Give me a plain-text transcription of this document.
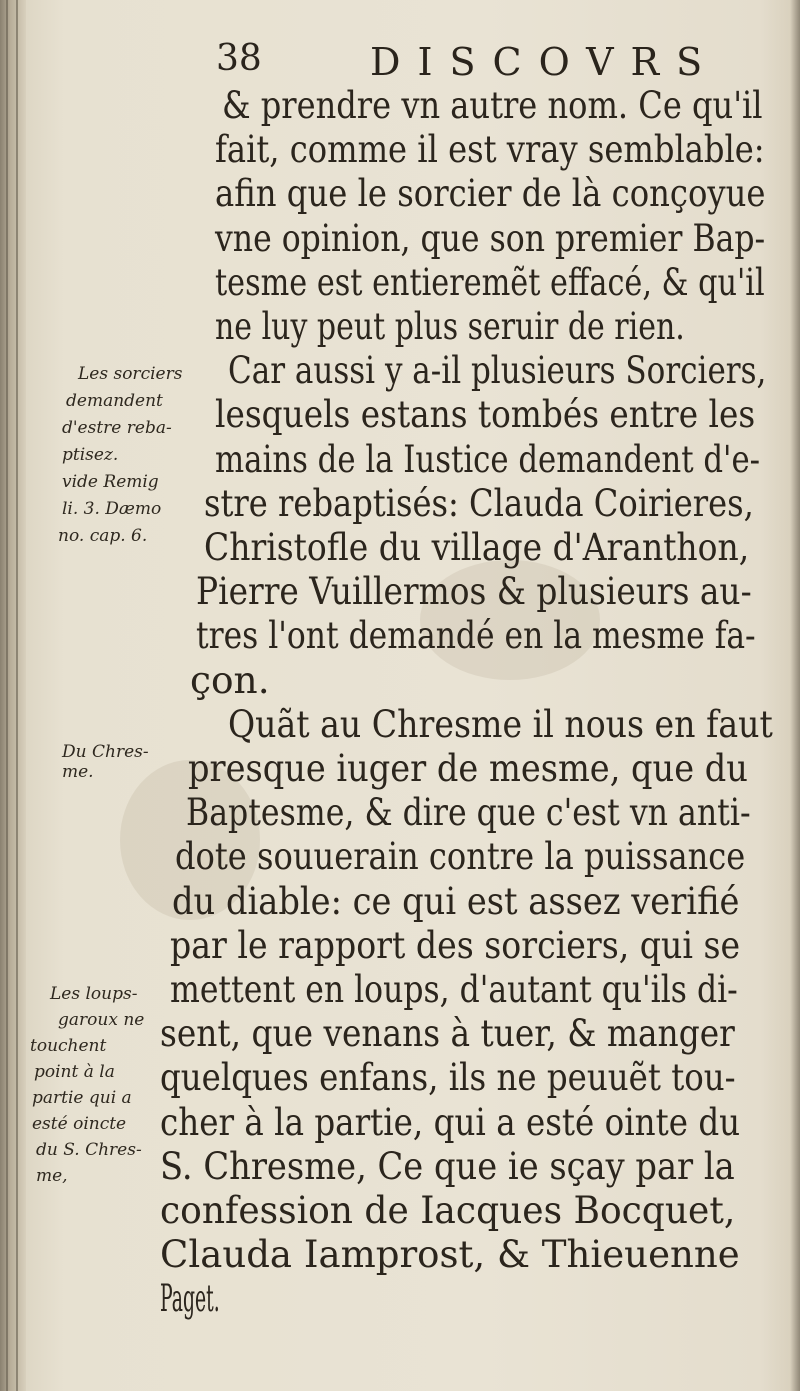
38	DISCOVRS
& prendre vn autre nom. Ce qu'il
fait, comme il est vray semblable:
afin que le sorcier de là conçoyue
vne opinion, que son premier Bap-
tesme est entieremẽt effacé, & qu'il
ne luy peut plus seruir de rien.
Car aussi y a-il plusieurs Sorciers,
lesquels estans tombés entre les
mains de la Iustice demandent d'e-
stre rebaptisés: Clauda Coirieres,
Christofle du village d'Aranthon,
Pierre Vuillermos & plusieurs au-
tres l'ont demandé en la mesme fa-
çon.
Quãt au Chresme il nous en faut
presque iuger de mesme, que du
Baptesme, & dire que c'est vn anti-
dote souuerain contre la puissance
du diable: ce qui est assez verifié
par le rapport des sorciers, qui se
mettent en loups, d'autant qu'ils di-
sent, que venans à tuer, & manger
quelques enfans, ils ne peuuẽt tou-
cher à la partie, qui a esté ointe du
S. Chresme, Ce que ie sçay par la
confession de Iacques Bocquet,
Clauda Iamprost, & Thieuenne
Paget.
Les sorciers
demandent
d'estre reba-
ptisez.
vide Remig
li. 3. Dæmo
no. cap. 6.
Du Chres-
me.
Les loups-
garoux ne
touchent
point à la
partie qui a
esté oincte
du S. Chres-
me,
